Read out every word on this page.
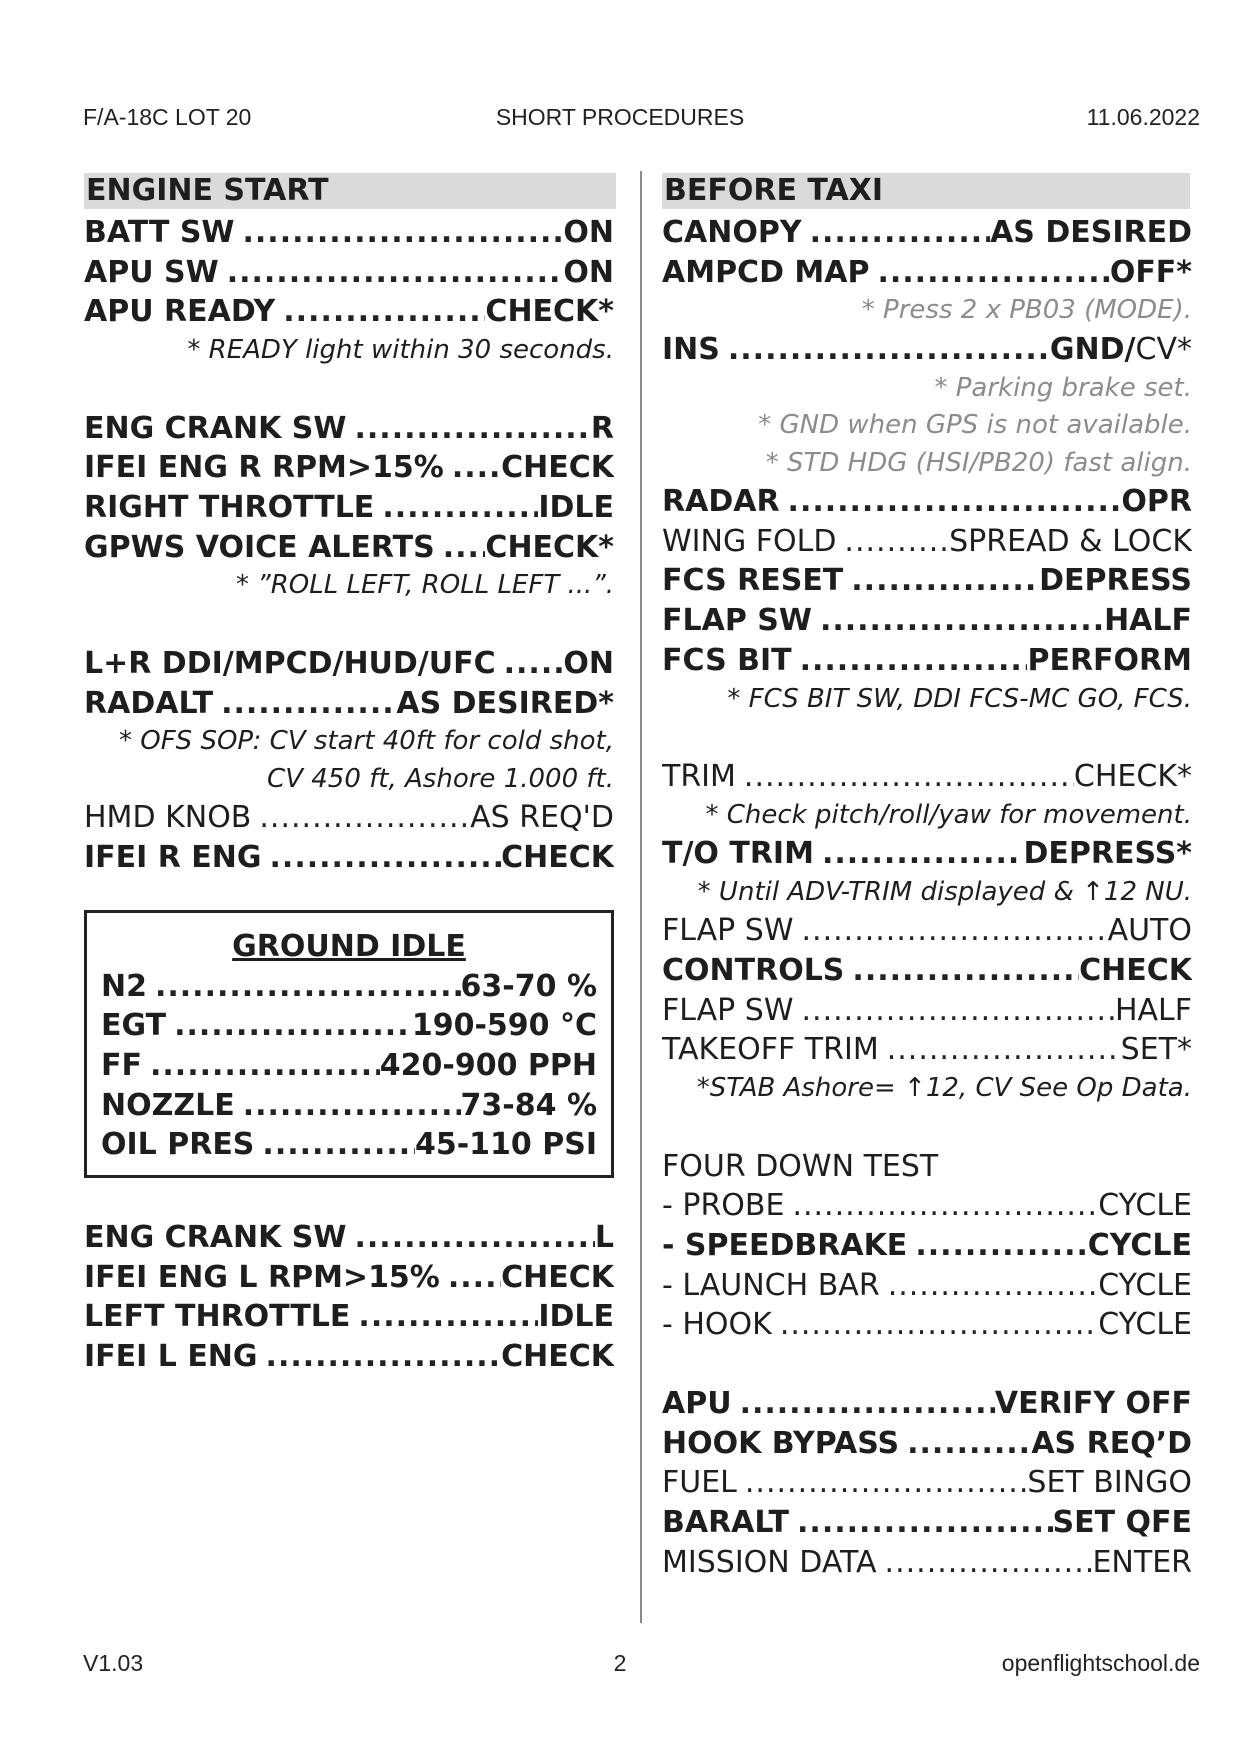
F/A-18C LOT 20	SHORT PROCEDURES	11.06.2022
ENGINE START
BATT SW .....	ON
APU SW .....	ON
APU READY .....	CHECK*
* READY light within 30 seconds.
ENG CRANK SW .....	R
IFEI ENG R RPM>15% ..... CHECK
RIGHT THROTTLE .....	IDLE
GPWS VOICE ALERTS ..... CHECK*
* ”ROLL LEFT, ROLL LEFT ...”.
L+R DDI/MPCD/HUD/UFC ..... ON
RADALT .....	AS DESIRED*
* OFS SOP: CV start 40ft for cold shot,
CV 450 ft, Ashore 1.000 ft.
HMD KNOB .....	AS REQ'D
IFEI R ENG .....	CHECK
GROUND IDLE
N2 .....	63-70 %
EGT .....	190-590 °C
FF .....	420-900 PPH
NOZZLE .....	73-84 %
OIL PRES .....	45-110 PSI
ENG CRANK SW .....	L
IFEI ENG L RPM>15% ..... CHECK
LEFT THROTTLE .....	IDLE
IFEI L ENG .....	CHECK
BEFORE TAXI
CANOPY .....	AS DESIRED
AMPCD MAP .....	OFF*
* Press 2 x PB03 (MODE).
INS .....	GND/CV*
* Parking brake set.
* GND when GPS is not available.
* STD HDG (HSI/PB20) fast align.
RADAR .....	OPR
WING FOLD .....	SPREAD & LOCK
FCS RESET .....	DEPRESS
FLAP SW .....	HALF
FCS BIT .....	PERFORM
* FCS BIT SW, DDI FCS-MC GO, FCS.
TRIM .....	CHECK*
* Check pitch/roll/yaw for movement.
T/O TRIM .....	DEPRESS*
* Until ADV-TRIM displayed & ↑12 NU.
FLAP SW .....	AUTO
CONTROLS .....	CHECK
FLAP SW .....	HALF
TAKEOFF TRIM .....	SET*
*STAB Ashore= ↑12, CV See Op Data.
FOUR DOWN TEST
- PROBE .....	CYCLE
- SPEEDBRAKE .....	CYCLE
- LAUNCH BAR .....	CYCLE
- HOOK .....	CYCLE
APU .....	VERIFY OFF
HOOK BYPASS .....	AS REQ’D
FUEL .....	SET BINGO
BARALT .....	SET QFE
MISSION DATA .....	ENTER
V1.03	2	openflightschool.de
